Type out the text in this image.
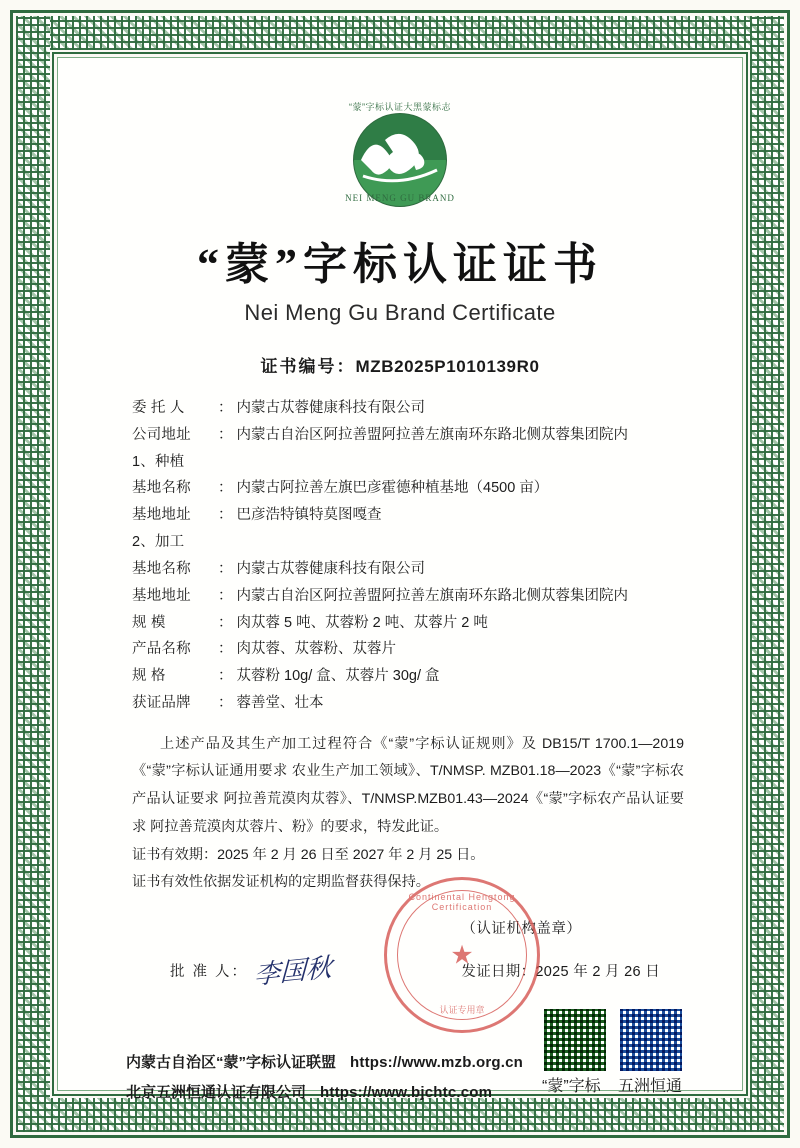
“蒙”字标认证大黑蒙标志
NEI MENG GU BRAND
“蒙”字标认证证书
Nei Meng Gu Brand Certificate
证书编号：MZB2025P1010139R0
委 托 人	： 内蒙古苁蓉健康科技有限公司
公司地址	： 内蒙古自治区阿拉善盟阿拉善左旗南环东路北侧苁蓉集团院内
1、种植
基地名称	： 内蒙古阿拉善左旗巴彦霍德种植基地（4500 亩）
基地地址	： 巴彦浩特镇特莫图嘎查
2、加工
基地名称	： 内蒙古苁蓉健康科技有限公司
基地地址	： 内蒙古自治区阿拉善盟阿拉善左旗南环东路北侧苁蓉集团院内
规 模	： 肉苁蓉 5 吨、苁蓉粉 2 吨、苁蓉片 2 吨
产品名称	： 肉苁蓉、苁蓉粉、苁蓉片
规 格	： 苁蓉粉 10g/ 盒、苁蓉片 30g/ 盒
获证品牌	： 蓉善堂、壮本

上述产品及其生产加工过程符合《“蒙”字标认证规则》及 DB15/T 1700.1—2019《“蒙”字标认证通用要求 农业生产加工领域》、T/NMSP. MZB01.18—2023《“蒙”字标农 产品认证要求 阿拉善荒漠肉苁蓉》、T/NMSP.MZB01.43—2024《“蒙”字标农产品认证要求 阿拉善荒漠肉苁蓉片、粉》的要求，特发此证。

证书有效期：2025 年 2 月 26 日至 2027 年 2 月 25 日。

证书有效性依据发证机构的定期监督获得保持。

批 准 人： 李国秋
（认证机构盖章）
发证日期：2025 年 2 月 26 日
Continental Hengtong Certification
★
认证专用章
内蒙古自治区“蒙”字标认证联盟 https://www.mzb.org.cn
北京五洲恒通认证有限公司 https://www.bjchtc.com	“蒙”字标	五洲恒通
